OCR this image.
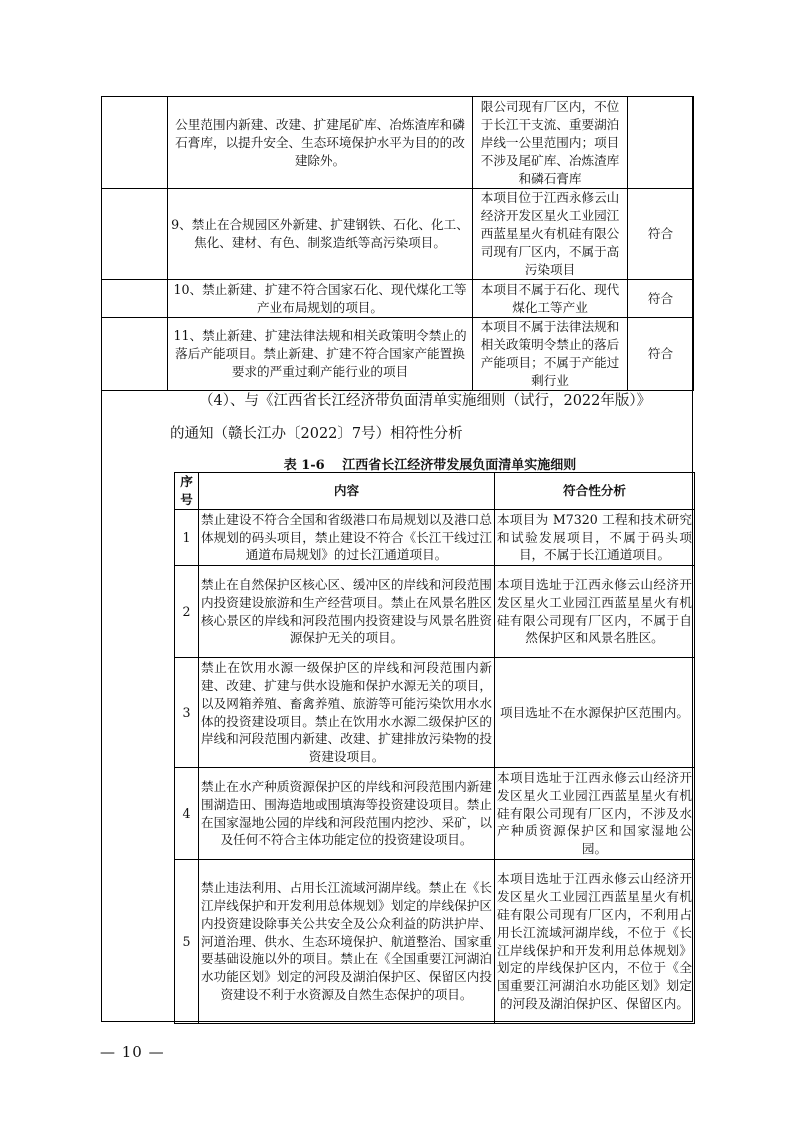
	公里范围内新建、改建、扩建尾矿库、冶炼渣库和磷石膏库，以提升安全、生态环境保护水平为目的的改建除外。	限公司现有厂区内，不位于长江干支流、重要湖泊岸线一公里范围内；项目不涉及尾矿库、冶炼渣库和磷石膏库	
	9、禁止在合规园区外新建、扩建钢铁、石化、化工、焦化、建材、有色、制浆造纸等高污染项目。	本项目位于江西永修云山经济开发区星火工业园江西蓝星星火有机硅有限公司现有厂区内，不属于高污染项目	符合
	10、禁止新建、扩建不符合国家石化、现代煤化工等产业布局规划的项目。	本项目不属于石化、现代煤化工等产业	符合
	11、禁止新建、扩建法律法规和相关政策明令禁止的落后产能项目。禁止新建、扩建不符合国家产能置换要求的严重过剩产能行业的项目	本项目不属于法律法规和相关政策明令禁止的落后产能项目；不属于产能过剩行业	符合
（4）、与《江西省长江经济带负面清单实施细则（试行，2022年版）》
的通知（赣长江办〔2022〕7号）相符性分析
表 1-6　 江西省长江经济带发展负面清单实施细则
序号	内容	符合性分析
1	禁止建设不符合全国和省级港口布局规划以及港口总体规划的码头项目，禁止建设不符合《长江干线过江通道布局规划》的过长江通道项目。	本项目为 M7320 工程和技术研究和试验发展项目，不属于码头项目，不属于长江通道项目。
2	禁止在自然保护区核心区、缓冲区的岸线和河段范围内投资建设旅游和生产经营项目。禁止在风景名胜区核心景区的岸线和河段范围内投资建设与风景名胜资源保护无关的项目。	本项目选址于江西永修云山经济开发区星火工业园江西蓝星星火有机硅有限公司现有厂区内，不属于自然保护区和风景名胜区。
3	禁止在饮用水源一级保护区的岸线和河段范围内新建、改建、扩建与供水设施和保护水源无关的项目，以及网箱养殖、畜禽养殖、旅游等可能污染饮用水水体的投资建设项目。禁止在饮用水水源二级保护区的岸线和河段范围内新建、改建、扩建排放污染物的投资建设项目。	项目选址不在水源保护区范围内。
4	禁止在水产种质资源保护区的岸线和河段范围内新建围湖造田、围海造地或围填海等投资建设项目。禁止在国家湿地公园的岸线和河段范围内挖沙、采矿，以及任何不符合主体功能定位的投资建设项目。	本项目选址于江西永修云山经济开发区星火工业园江西蓝星星火有机硅有限公司现有厂区内，不涉及水产种质资源保护区和国家湿地公园。
5	禁止违法利用、占用长江流域河湖岸线。禁止在《长江岸线保护和开发利用总体规划》划定的岸线保护区内投资建设除事关公共安全及公众利益的防洪护岸、河道治理、供水、生态环境保护、航道整治、国家重要基础设施以外的项目。禁止在《全国重要江河湖泊水功能区划》划定的河段及湖泊保护区、保留区内投资建设不利于水资源及自然生态保护的项目。	本项目选址于江西永修云山经济开发区星火工业园江西蓝星星火有机硅有限公司现有厂区内，不利用占用长江流域河湖岸线，不位于《长江岸线保护和开发利用总体规划》划定的岸线保护区内，不位于《全国重要江河湖泊水功能区划》划定的河段及湖泊保护区、保留区内。
— 10 —
